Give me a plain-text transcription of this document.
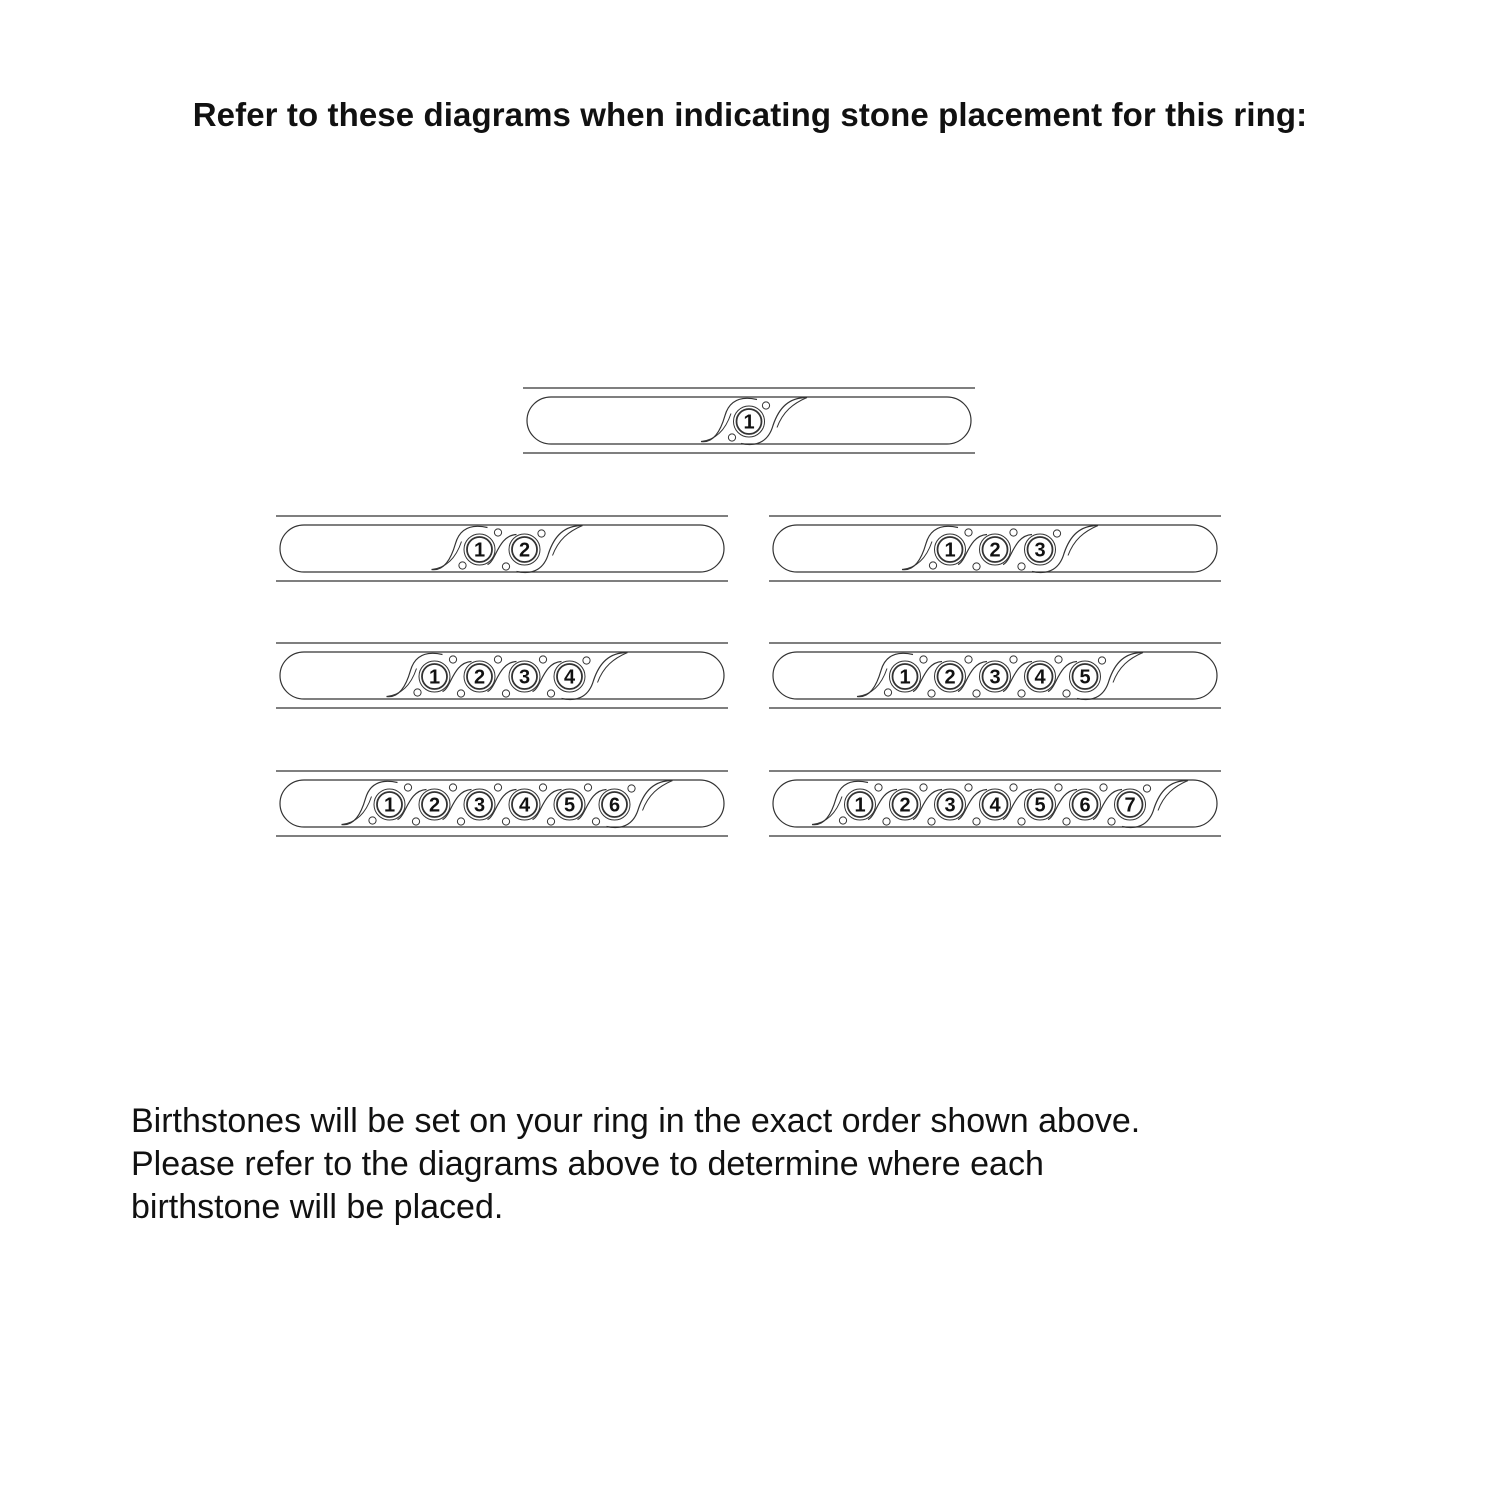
Refer to these diagrams when indicating stone placement for this ring:
1
1 2	1 2 3
1 2 3 4	1 2 3 4 5
1 2 3 4 5 6	1 2 3 4 5 6 7

Birthstones will be set on your ring in the exact order shown above.
Please refer to the diagrams above to determine where each
birthstone will be placed.
